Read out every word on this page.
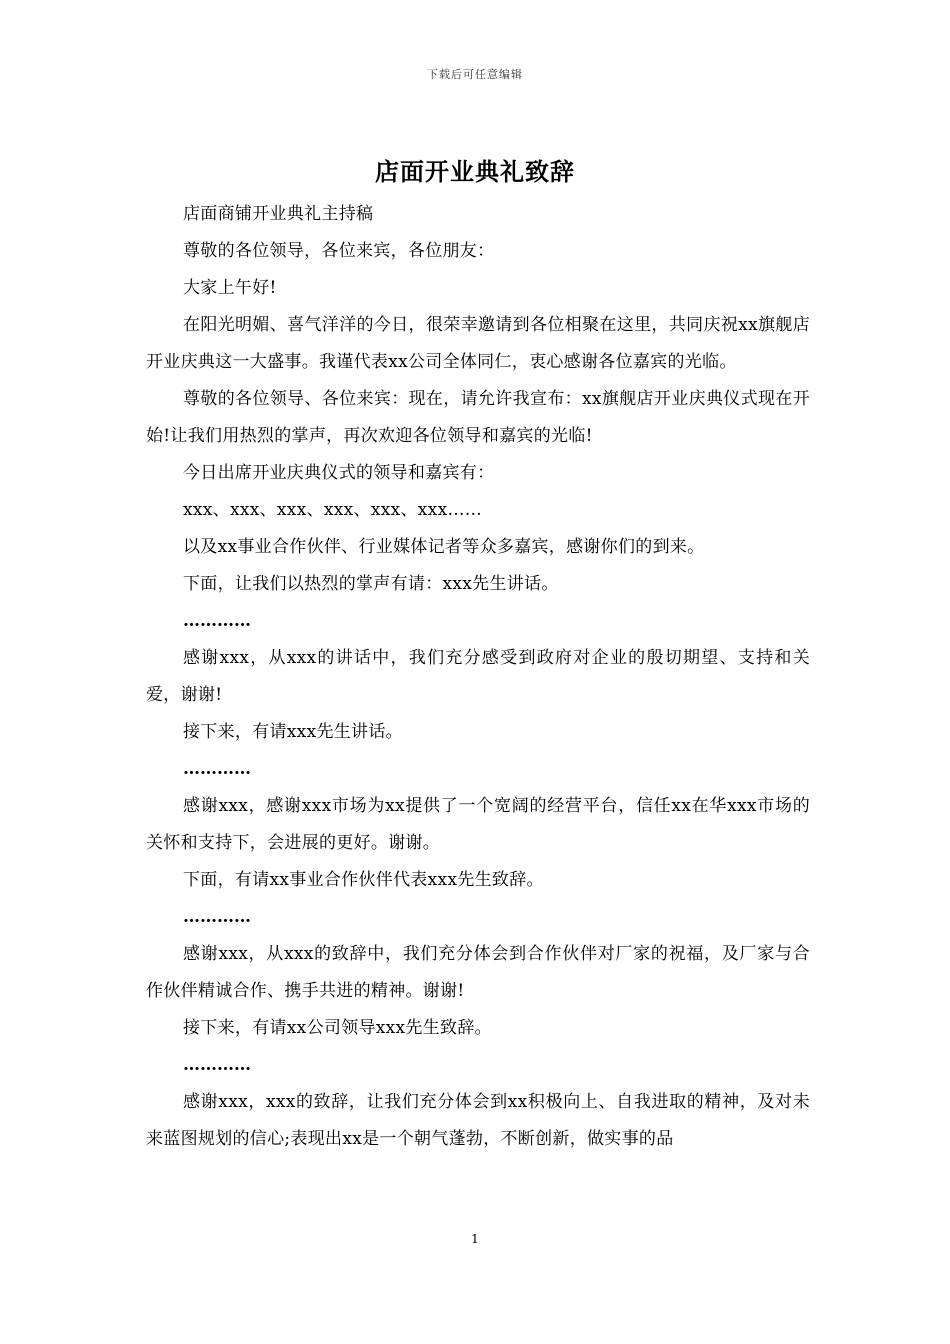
下载后可任意编辑
店面开业典礼致辞

店面商铺开业典礼主持稿

尊敬的各位领导，各位来宾，各位朋友：

大家上午好!

在阳光明媚、喜气洋洋的今日，很荣幸邀请到各位相聚在这里，共同庆祝xx旗舰店开业庆典这一大盛事。我谨代表xx公司全体同仁，衷心感谢各位嘉宾的光临。

尊敬的各位领导、各位来宾：现在，请允许我宣布：xx旗舰店开业庆典仪式现在开始!让我们用热烈的掌声，再次欢迎各位领导和嘉宾的光临!

今日出席开业庆典仪式的领导和嘉宾有：

xxx、xxx、xxx、xxx、xxx、xxx……

以及xx事业合作伙伴、行业媒体记者等众多嘉宾，感谢你们的到来。

下面，让我们以热烈的掌声有请：xxx先生讲话。

…………

感谢xxx，从xxx的讲话中，我们充分感受到政府对企业的殷切期望、支持和关爱，谢谢!

接下来，有请xxx先生讲话。

…………

感谢xxx，感谢xxx市场为xx提供了一个宽阔的经营平台，信任xx在华xxx市场的关怀和支持下，会进展的更好。谢谢。

下面，有请xx事业合作伙伴代表xxx先生致辞。

…………

感谢xxx，从xxx的致辞中，我们充分体会到合作伙伴对厂家的祝福，及厂家与合作伙伴精诚合作、携手共进的精神。谢谢!

接下来，有请xx公司领导xxx先生致辞。

…………

感谢xxx，xxx的致辞，让我们充分体会到xx积极向上、自我进取的精神，及对未来蓝图规划的信心;表现出xx是一个朝气蓬勃，不断创新，做实事的品

1
